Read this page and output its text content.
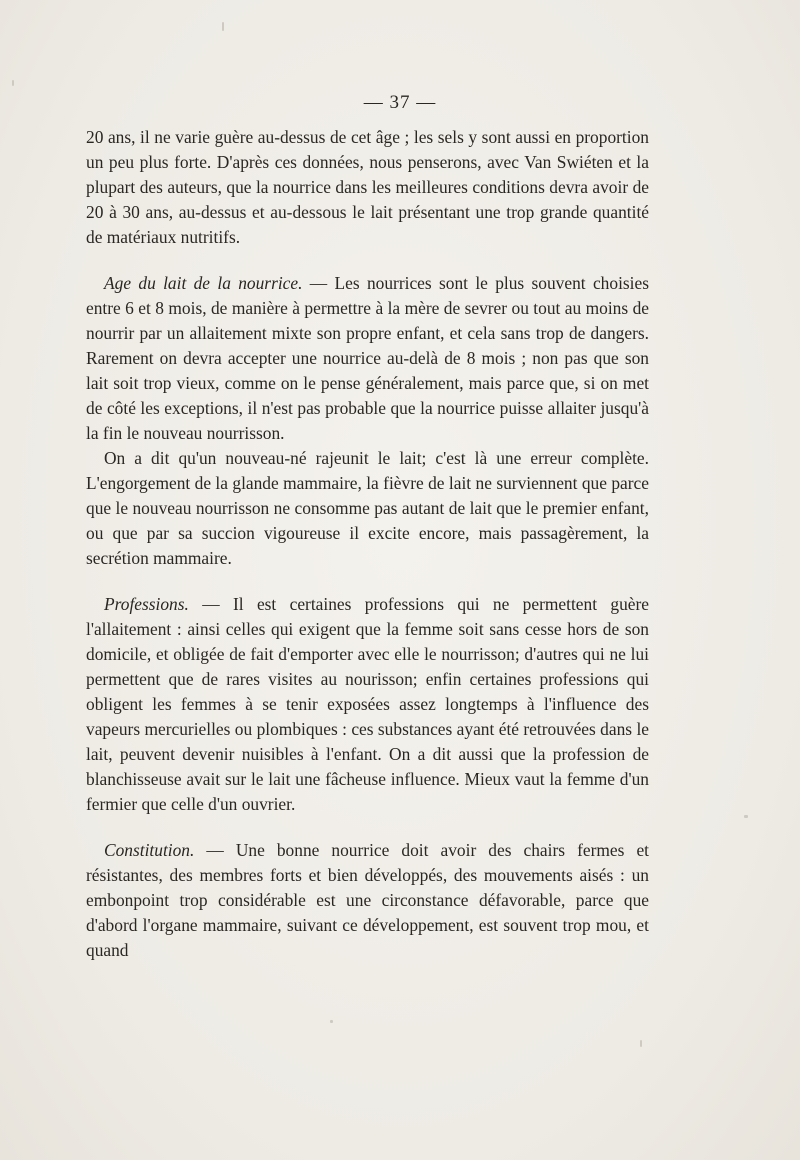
— 37 —

20 ans, il ne varie guère au-dessus de cet âge ; les sels y sont aussi en proportion un peu plus forte. D'après ces données, nous penserons, avec Van Swiéten et la plupart des auteurs, que la nourrice dans les meilleures conditions devra avoir de 20 à 30 ans, au-dessus et au-dessous le lait présentant une trop grande quantité de matériaux nutritifs.

Age du lait de la nourrice. — Les nourrices sont le plus souvent choisies entre 6 et 8 mois, de manière à permettre à la mère de sevrer ou tout au moins de nourrir par un allaitement mixte son propre enfant, et cela sans trop de dangers. Rarement on devra accepter une nourrice au-delà de 8 mois ; non pas que son lait soit trop vieux, comme on le pense généralement, mais parce que, si on met de côté les exceptions, il n'est pas probable que la nourrice puisse allaiter jusqu'à la fin le nouveau nourrisson.

On a dit qu'un nouveau-né rajeunit le lait; c'est là une erreur complète. L'engorgement de la glande mammaire, la fièvre de lait ne surviennent que parce que le nouveau nourrisson ne consomme pas autant de lait que le premier enfant, ou que par sa succion vigoureuse il excite encore, mais passagèrement, la secrétion mammaire.

Professions. — Il est certaines professions qui ne permettent guère l'allaitement : ainsi celles qui exigent que la femme soit sans cesse hors de son domicile, et obligée de fait d'emporter avec elle le nourrisson; d'autres qui ne lui permettent que de rares visites au nourisson; enfin certaines professions qui obligent les femmes à se tenir exposées assez longtemps à l'influence des vapeurs mercurielles ou plombiques : ces substances ayant été retrouvées dans le lait, peuvent devenir nuisibles à l'enfant. On a dit aussi que la profession de blanchisseuse avait sur le lait une fâcheuse influence. Mieux vaut la femme d'un fermier que celle d'un ouvrier.

Constitution. — Une bonne nourrice doit avoir des chairs fermes et résistantes, des membres forts et bien développés, des mouvements aisés : un embonpoint trop considérable est une circonstance défavorable, parce que d'abord l'organe mammaire, suivant ce développement, est souvent trop mou, et quand
